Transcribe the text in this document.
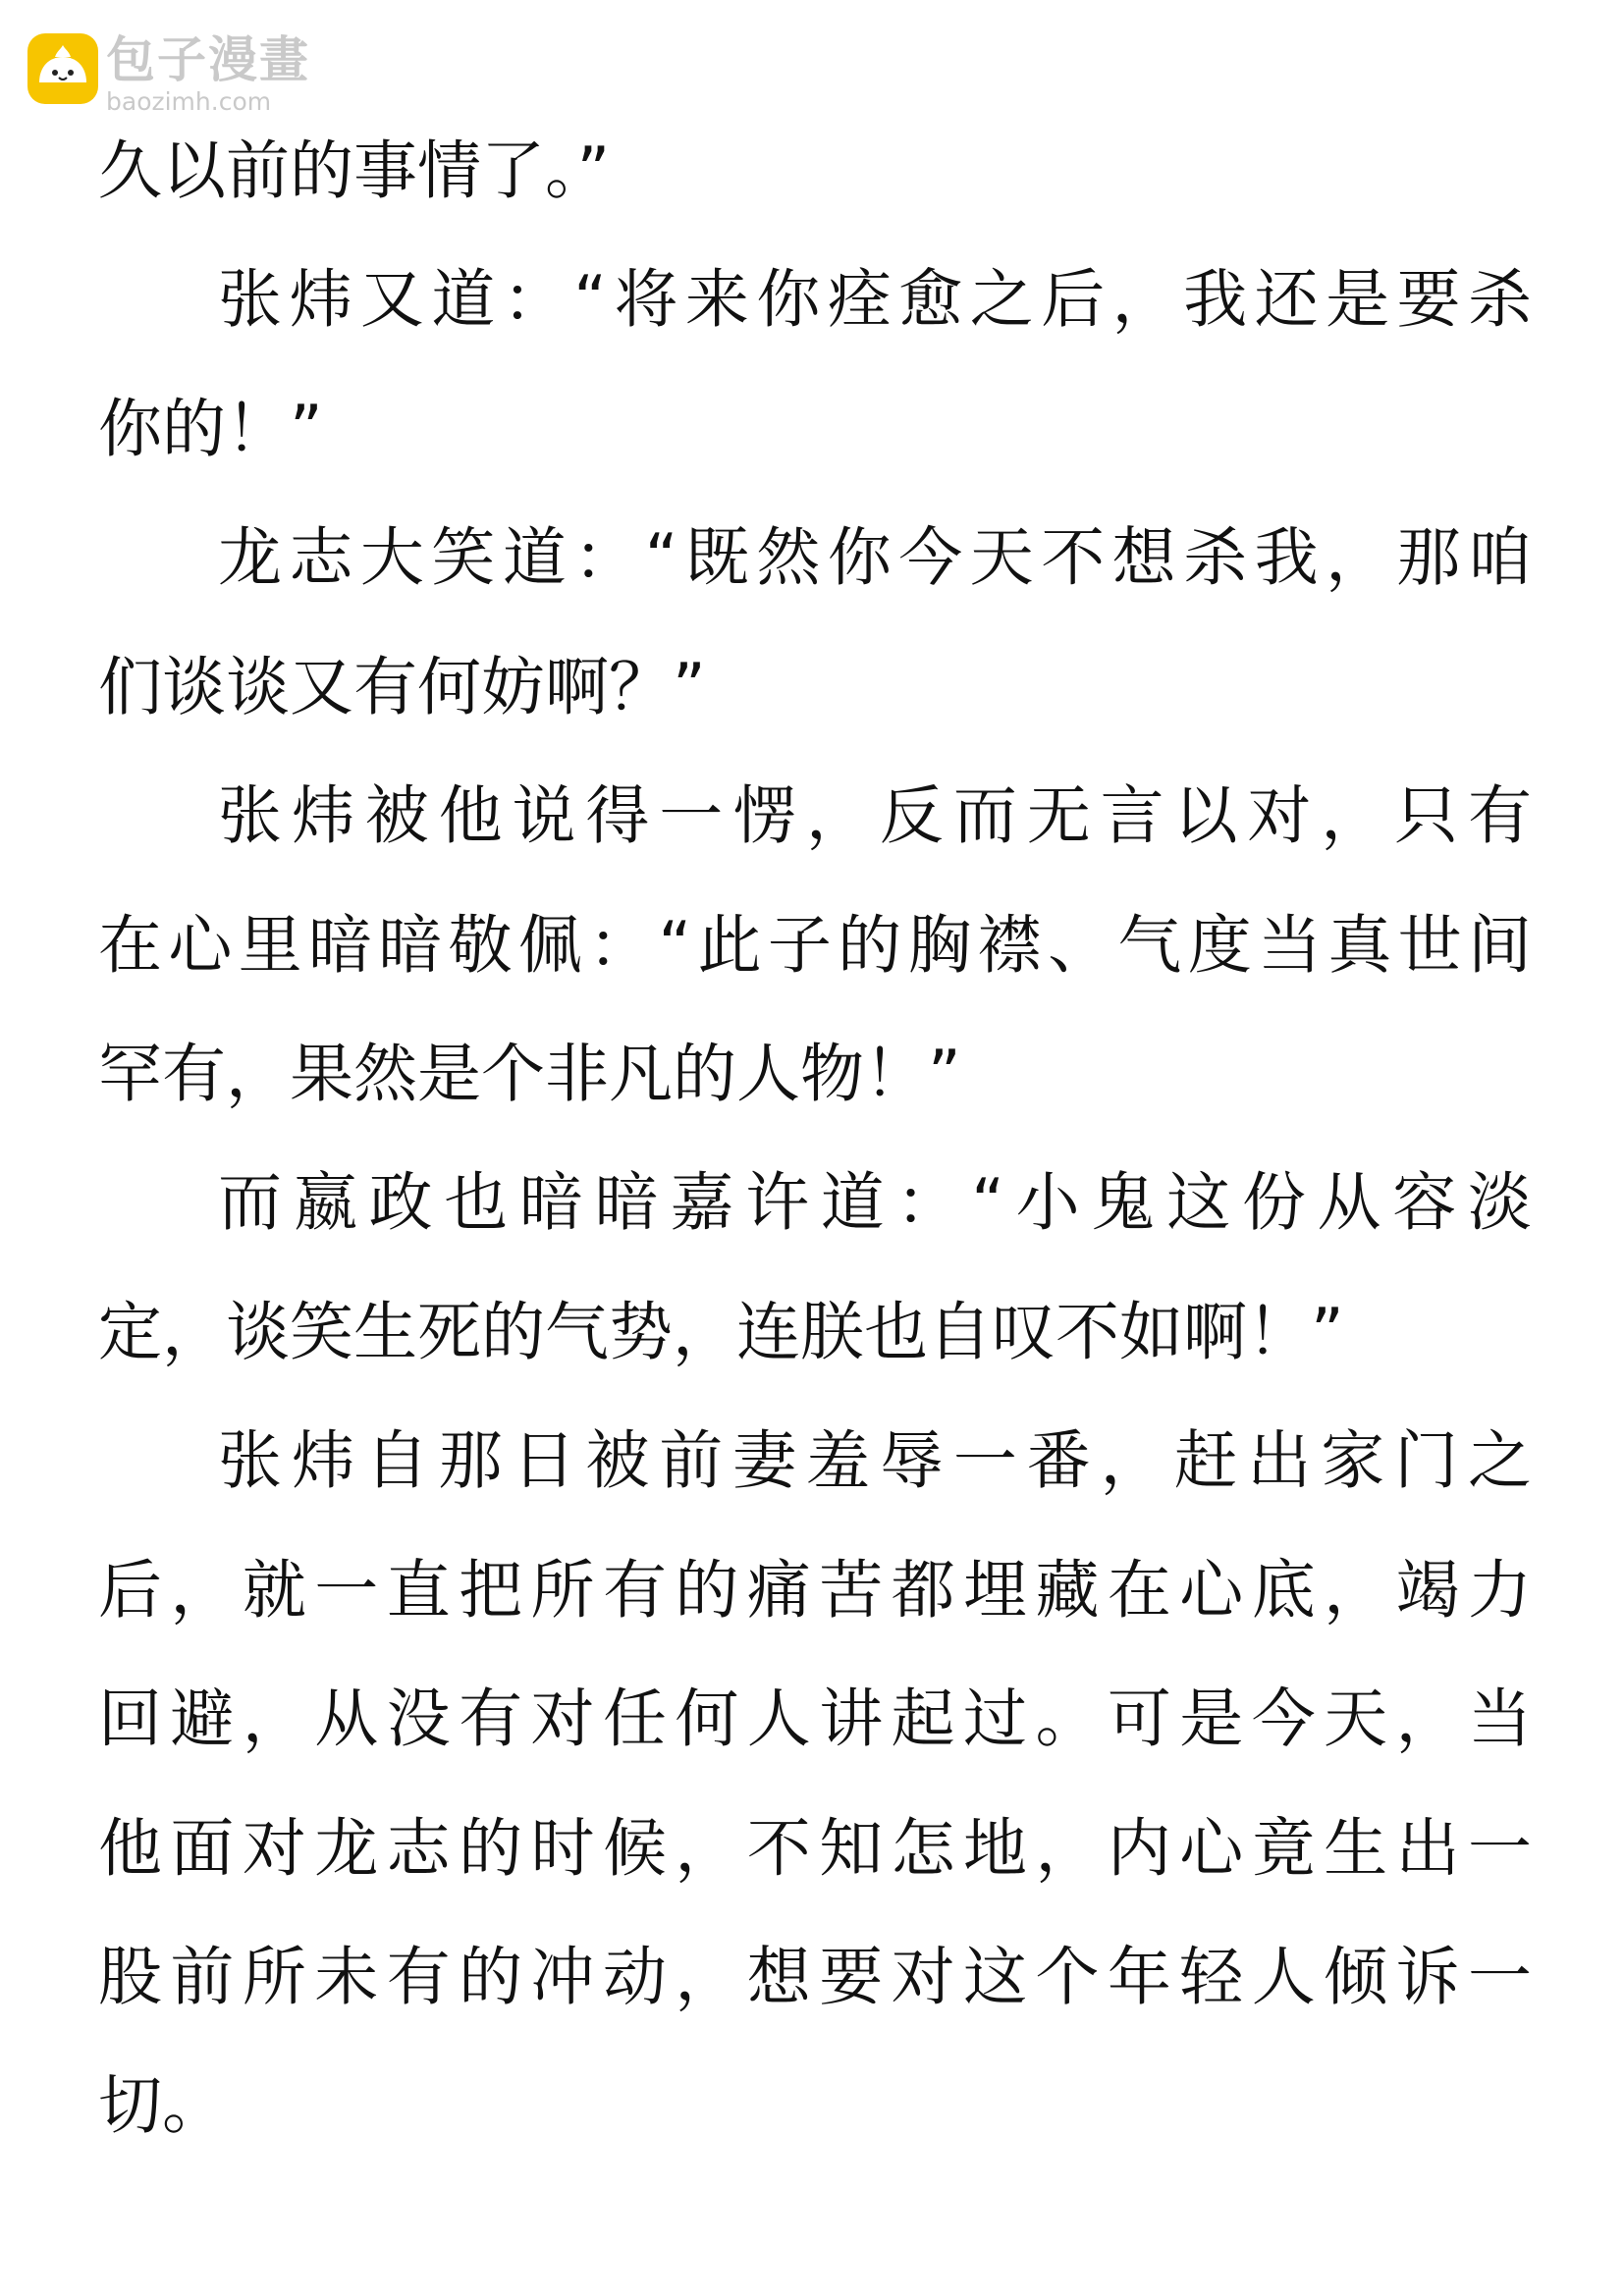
包子漫畫
baozimh.com
久以前的事情了。”
张炜又道：“将来你痊愈之后，我还是要杀
你的！”
龙志大笑道：“既然你今天不想杀我，那咱
们谈谈又有何妨啊？”
张炜被他说得一愣，反而无言以对，只有
在心里暗暗敬佩：“此子的胸襟、气度当真世间
罕有，果然是个非凡的人物！”
而嬴政也暗暗嘉许道：“小鬼这份从容淡
定，谈笑生死的气势，连朕也自叹不如啊！”
张炜自那日被前妻羞辱一番，赶出家门之
后，就一直把所有的痛苦都埋藏在心底，竭力
回避，从没有对任何人讲起过。可是今天，当
他面对龙志的时候，不知怎地，内心竟生出一
股前所未有的冲动，想要对这个年轻人倾诉一
切。
